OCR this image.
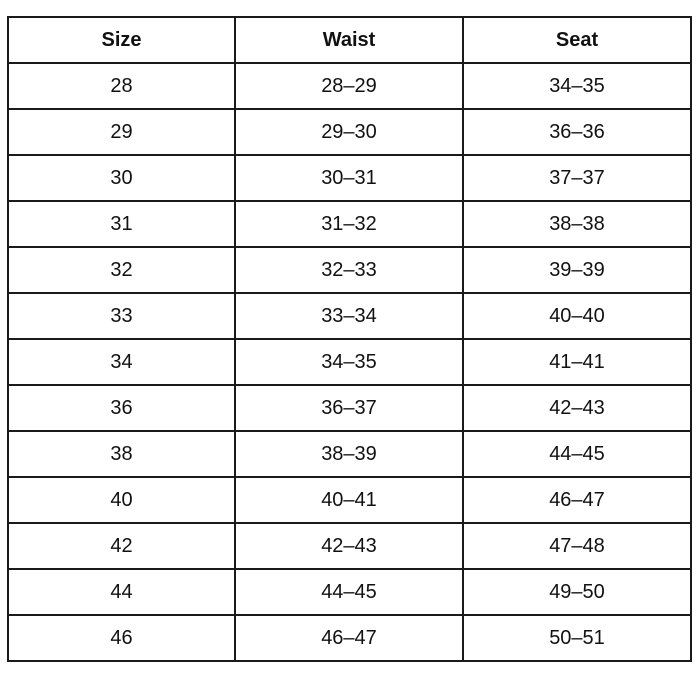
Size	Waist	Seat
28	28–29	34–35
29	29–30	36–36
30	30–31	37–37
31	31–32	38–38
32	32–33	39–39
33	33–34	40–40
34	34–35	41–41
36	36–37	42–43
38	38–39	44–45
40	40–41	46–47
42	42–43	47–48
44	44–45	49–50
46	46–47	50–51
